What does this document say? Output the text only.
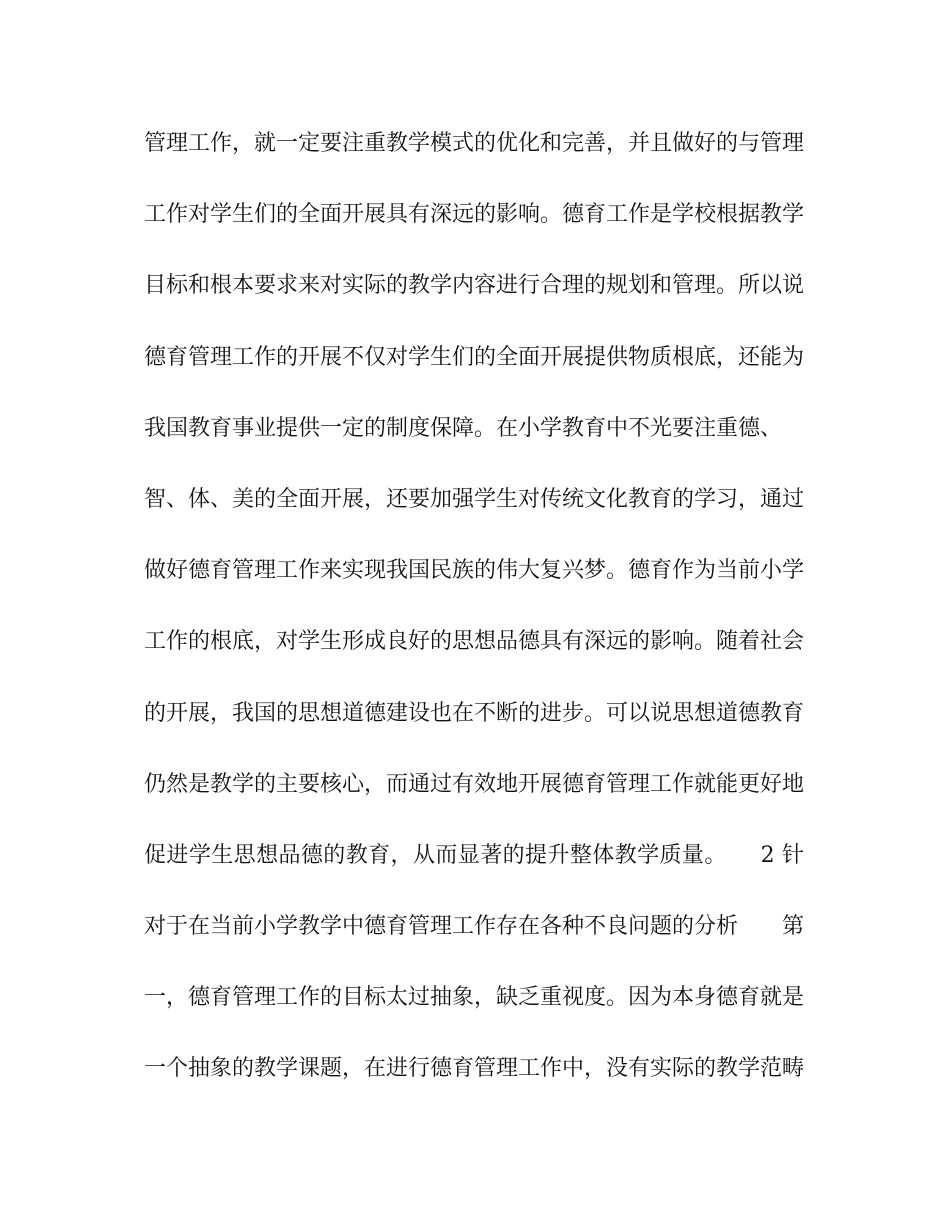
管理工作，就一定要注重教学模式的优化和完善，并且做好的与管理
工作对学生们的全面开展具有深远的影响。德育工作是学校根据教学
目标和根本要求来对实际的教学内容进行合理的规划和管理。所以说
德育管理工作的开展不仅对学生们的全面开展提供物质根底，还能为
我国教育事业提供一定的制度保障。在小学教育中不光要注重德、
智、体、美的全面开展，还要加强学生对传统文化教育的学习，通过
做好德育管理工作来实现我国民族的伟大复兴梦。德育作为当前小学
工作的根底，对学生形成良好的思想品德具有深远的影响。随着社会
的开展，我国的思想道德建设也在不断的进步。可以说思想道德教育
仍然是教学的主要核心，而通过有效地开展德育管理工作就能更好地
促进学生思想品德的教育，从而显著的提升整体教学质量。　　2 针
对于在当前小学教学中德育管理工作存在各种不良问题的分析　　第
一，德育管理工作的目标太过抽象，缺乏重视度。因为本身德育就是
一个抽象的教学课题，在进行德育管理工作中，没有实际的教学范畴
